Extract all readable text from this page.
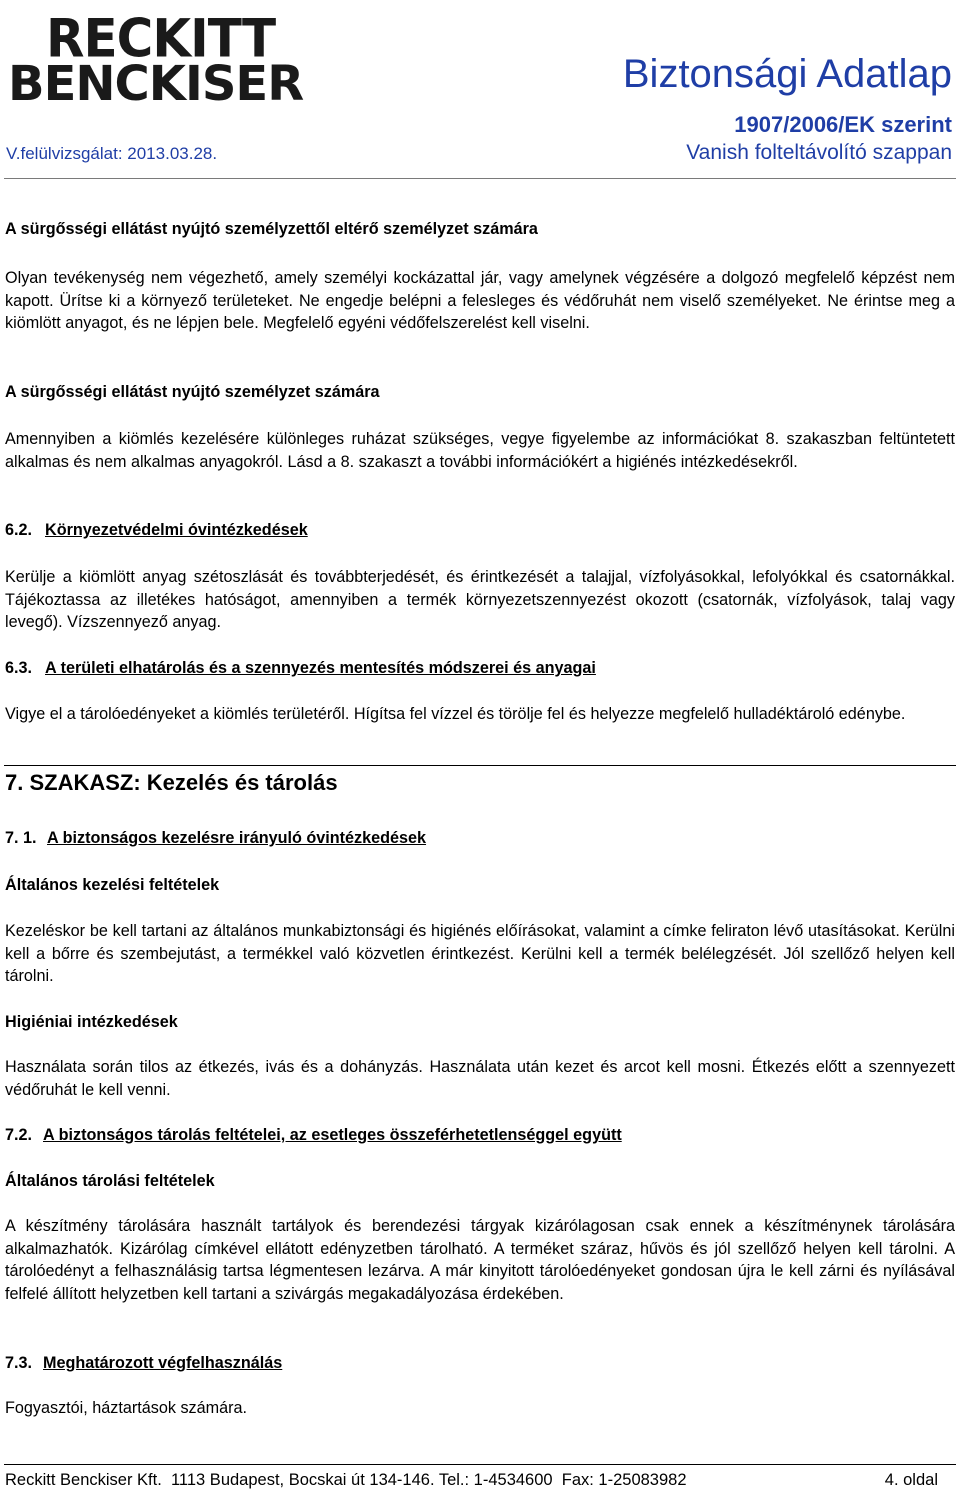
RECKITT
BENCKISER
V.felülvizsgálat: 2013.03.28.
Biztonsági Adatlap
1907/2006/EK szerint
Vanish folteltávolító szappan

A sürgősségi ellátást nyújtó személyzettől eltérő személyzet számára

Olyan tevékenység nem végezhető, amely személyi kockázattal jár, vagy amelynek végzésére a dolgozó megfelelő képzést nem kapott. Ürítse ki a környező területeket. Ne engedje belépni a felesleges és védőruhát nem viselő személyeket. Ne érintse meg a kiömlött anyagot, és ne lépjen bele. Megfelelő egyéni védőfelszerelést kell viselni.

A sürgősségi ellátást nyújtó személyzet számára

Amennyiben a kiömlés kezelésére különleges ruházat szükséges, vegye figyelembe az információkat 8. szakaszban feltüntetett alkalmas és nem alkalmas anyagokról. Lásd a 8. szakaszt a további információkért a higiénés intézkedésekről.

6.2. Környezetvédelmi óvintézkedések

Kerülje a kiömlött anyag szétoszlását és továbbterjedését, és érintkezését a talajjal, vízfolyásokkal, lefolyókkal és csatornákkal. Tájékoztassa az illetékes hatóságot, amennyiben a termék környezetszennyezést okozott (csatornák, vízfolyások, talaj vagy levegő). Vízszennyező anyag.

6.3. A területi elhatárolás és a szennyezés mentesítés módszerei és anyagai

Vigye el a tárolóedényeket a kiömlés területéről. Hígítsa fel vízzel és törölje fel és helyezze megfelelő hulladéktároló edénybe.

7. SZAKASZ: Kezelés és tárolás
7. 1. A biztonságos kezelésre irányuló óvintézkedések

Általános kezelési feltételek

Kezeléskor be kell tartani az általános munkabiztonsági és higiénés előírásokat, valamint a címke feliraton lévő utasításokat. Kerülni kell a bőrre és szembejutást, a termékkel való közvetlen érintkezést. Kerülni kell a termék belélegzését. Jól szellőző helyen kell tárolni.

Higiéniai intézkedések

Használata során tilos az étkezés, ivás és a dohányzás. Használata után kezet és arcot kell mosni. Étkezés előtt a szennyezett védőruhát le kell venni.

7.2. A biztonságos tárolás feltételei, az esetleges összeférhetetlenséggel együtt

Általános tárolási feltételek

A készítmény tárolására használt tartályok és berendezési tárgyak kizárólagosan csak ennek a készítménynek tárolására alkalmazhatók. Kizárólag címkével ellátott edényzetben tárolható. A terméket száraz, hűvös és jól szellőző helyen kell tárolni. A tárolóedényt a felhasználásig tartsa légmentesen lezárva. A már kinyitott tárolóedényeket gondosan újra le kell zárni és nyílásával felfelé állított helyzetben kell tartani a szivárgás megakadályozása érdekében.

7.3. Meghatározott végfelhasználás

Fogyasztói, háztartások számára.

Reckitt Benckiser Kft.  1113 Budapest, Bocskai út 134-146. Tel.: 1-4534600  Fax: 1-25083982	4. oldal
